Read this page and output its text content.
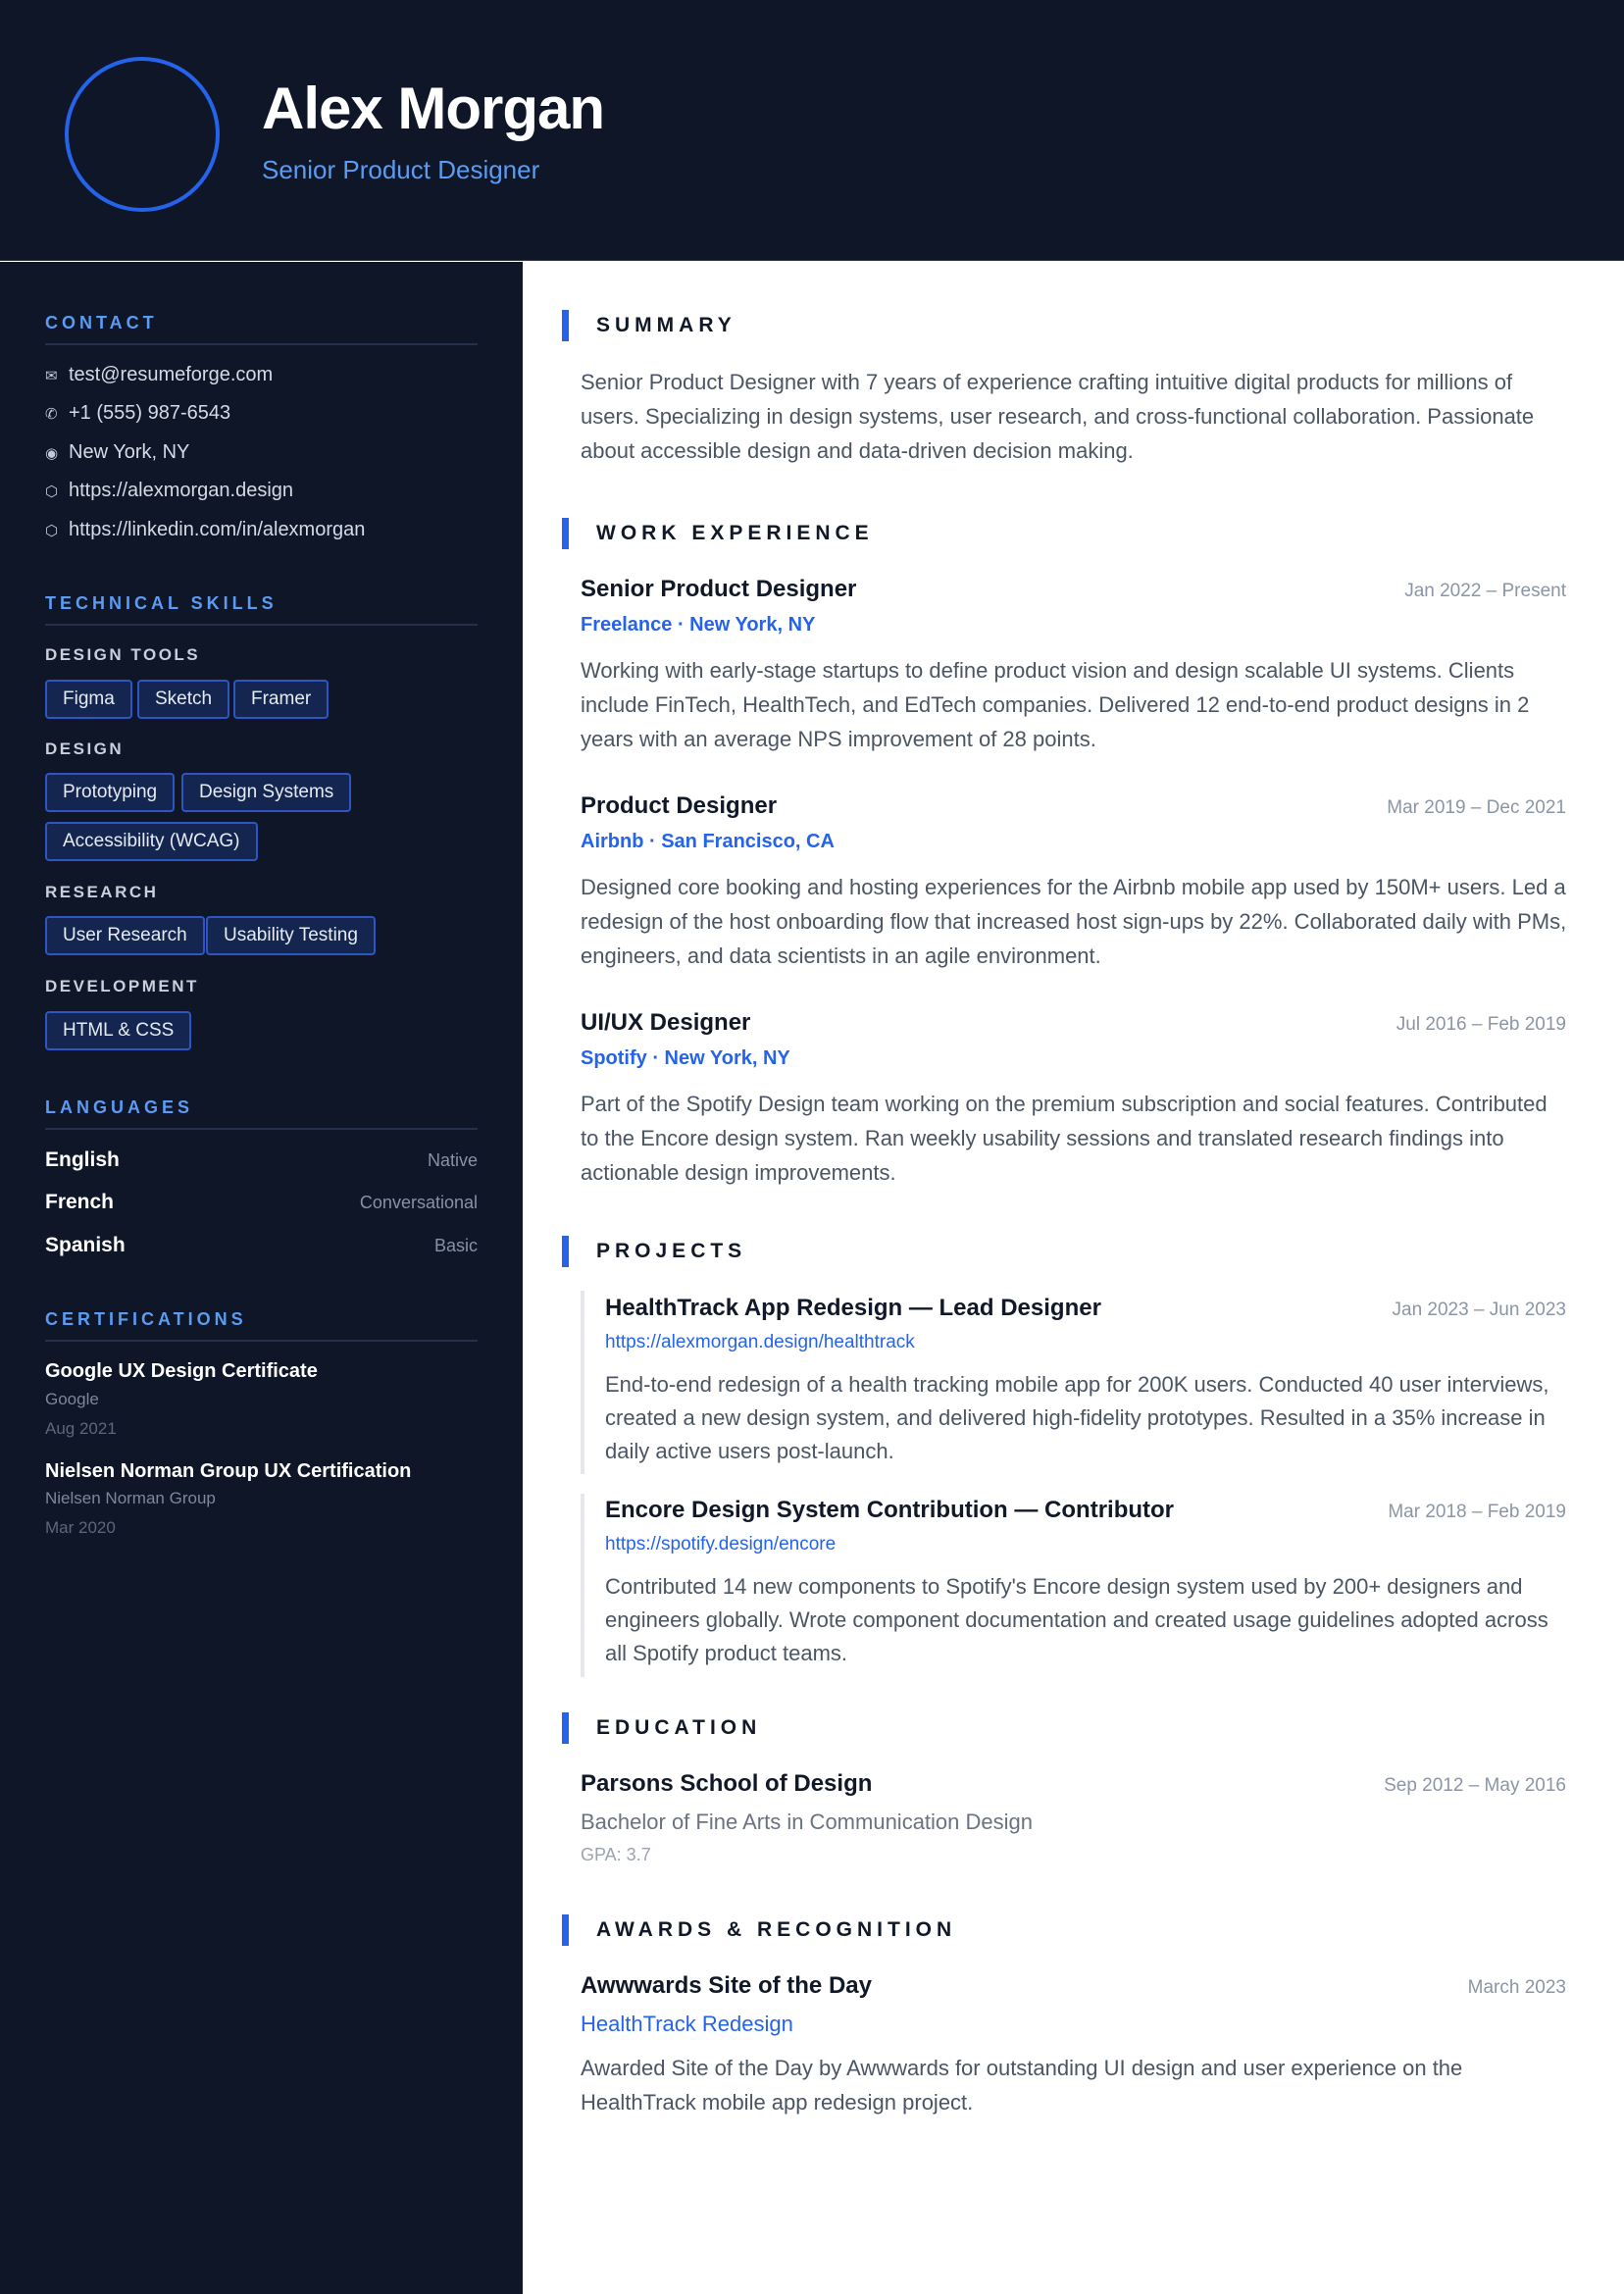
Alex Morgan
Senior Product Designer
CONTACT
✉ test@resumeforge.com
✆ +1 (555) 987-6543
◉ New York, NY
⬡ https://alexmorgan.design
⬡ https://linkedin.com/in/alexmorgan
TECHNICAL SKILLS
DESIGN TOOLS
Figma	Sketch	Framer
DESIGN
Prototyping	Design Systems
Accessibility (WCAG)
RESEARCH
User Research	Usability Testing
DEVELOPMENT
HTML & CSS
LANGUAGES
English	Native
French	Conversational
Spanish	Basic
CERTIFICATIONS
Google UX Design Certificate
Google
Aug 2021
Nielsen Norman Group UX Certification
Nielsen Norman Group
Mar 2020
SUMMARY
Senior Product Designer with 7 years of experience crafting intuitive digital products for millions of users. Specializing in design systems, user research, and cross-functional collaboration. Passionate about accessible design and data-driven decision making.
WORK EXPERIENCE
Senior Product Designer	Jan 2022 – Present
Freelance · New York, NY
Working with early-stage startups to define product vision and design scalable UI systems. Clients include FinTech, HealthTech, and EdTech companies. Delivered 12 end-to-end product designs in 2 years with an average NPS improvement of 28 points.
Product Designer	Mar 2019 – Dec 2021
Airbnb · San Francisco, CA
Designed core booking and hosting experiences for the Airbnb mobile app used by 150M+ users. Led a redesign of the host onboarding flow that increased host sign-ups by 22%. Collaborated daily with PMs, engineers, and data scientists in an agile environment.
UI/UX Designer	Jul 2016 – Feb 2019
Spotify · New York, NY
Part of the Spotify Design team working on the premium subscription and social features. Contributed to the Encore design system. Ran weekly usability sessions and translated research findings into actionable design improvements.
PROJECTS
HealthTrack App Redesign — Lead Designer	Jan 2023 – Jun 2023
https://alexmorgan.design/healthtrack
End-to-end redesign of a health tracking mobile app for 200K users. Conducted 40 user interviews, created a new design system, and delivered high-fidelity prototypes. Resulted in a 35% increase in daily active users post-launch.
Encore Design System Contribution — Contributor	Mar 2018 – Feb 2019
https://spotify.design/encore
Contributed 14 new components to Spotify's Encore design system used by 200+ designers and engineers globally. Wrote component documentation and created usage guidelines adopted across all Spotify product teams.
EDUCATION
Parsons School of Design	Sep 2012 – May 2016
Bachelor of Fine Arts in Communication Design
GPA: 3.7
AWARDS & RECOGNITION
Awwwards Site of the Day	March 2023
HealthTrack Redesign
Awarded Site of the Day by Awwwards for outstanding UI design and user experience on the HealthTrack mobile app redesign project.
